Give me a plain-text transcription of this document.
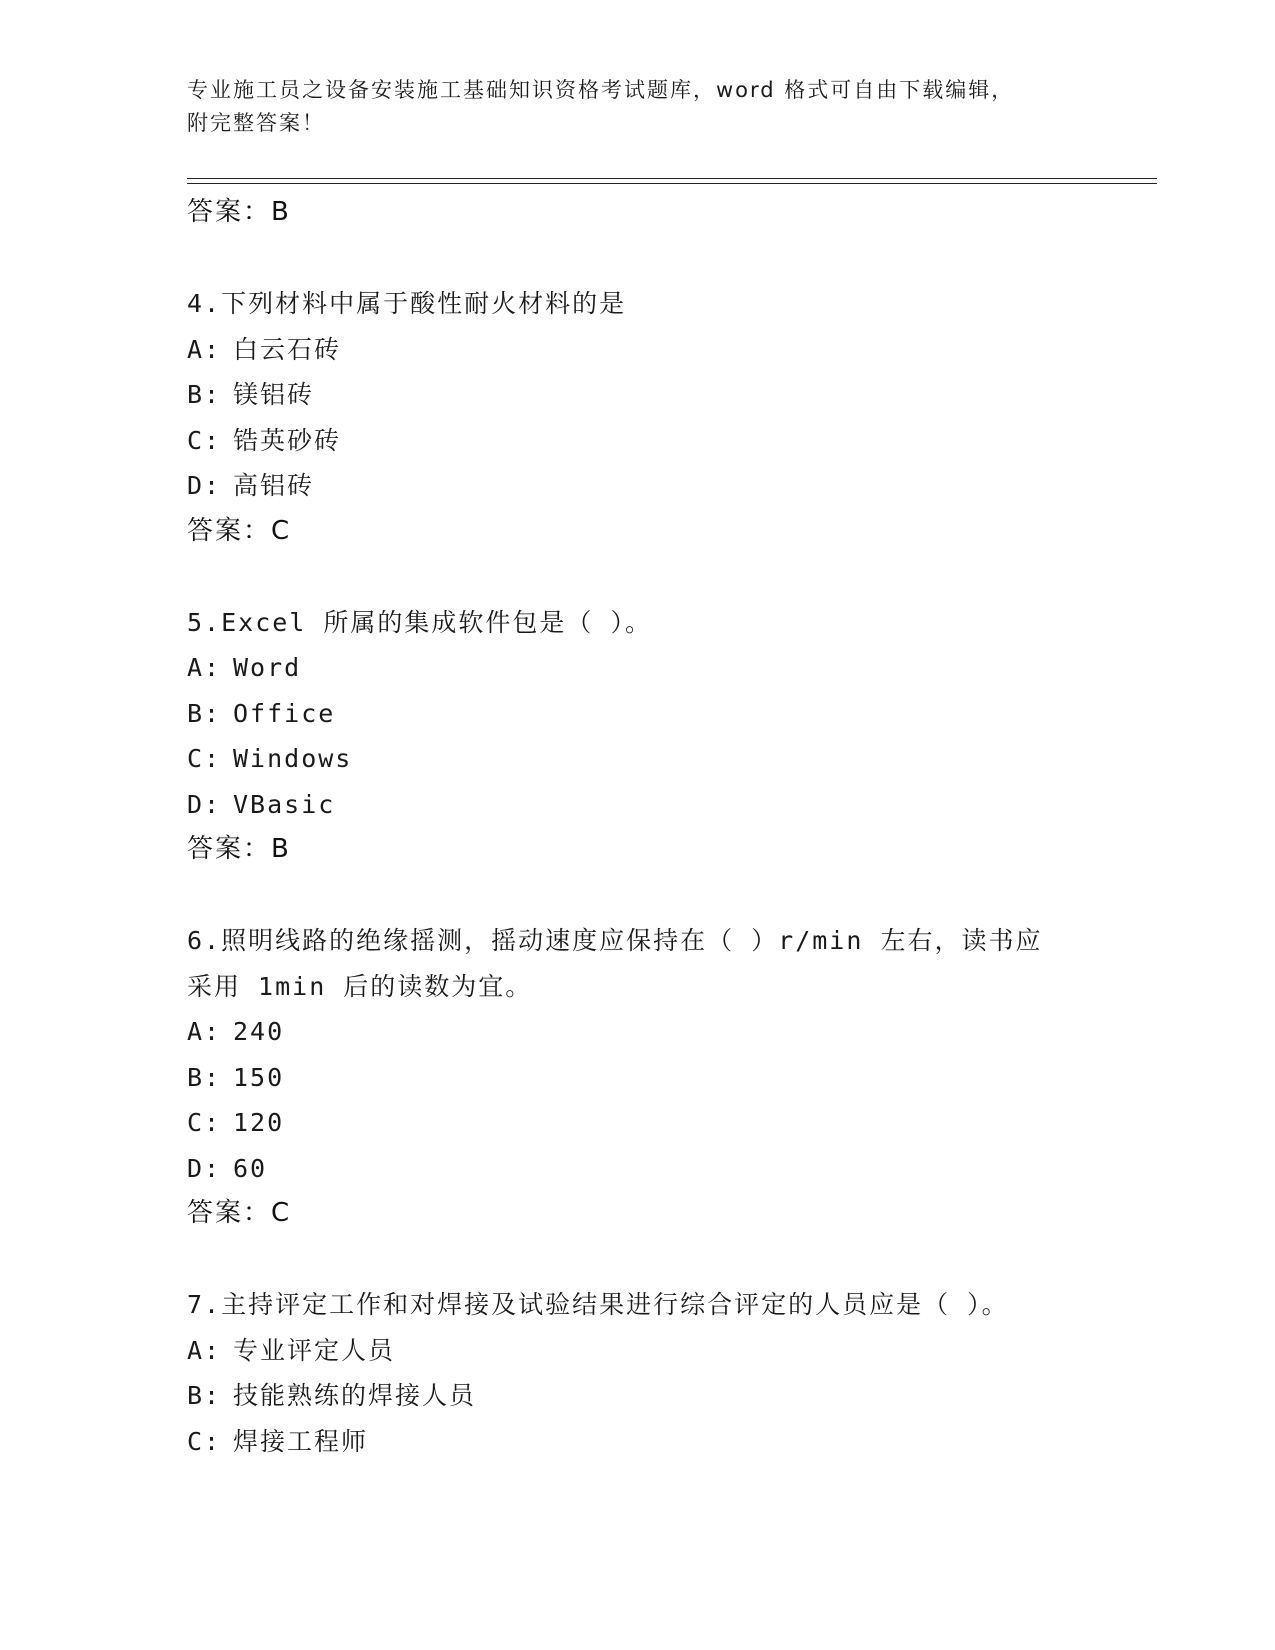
专业施工员之设备安装施工基础知识资格考试题库，word 格式可自由下载编辑，
附完整答案！
答案：B
4.下列材料中属于酸性耐火材料的是
A: 白云石砖
B: 镁铝砖
C: 锆英砂砖
D: 高铝砖
答案：C
5.Excel 所属的集成软件包是（ ）。
A: Word
B: Office
C: Windows
D: VBasic
答案：B
6.照明线路的绝缘摇测，摇动速度应保持在（ ）r/min 左右，读书应
采用 1min 后的读数为宜。
A: 240
B: 150
C: 120
D: 60
答案：C
7.主持评定工作和对焊接及试验结果进行综合评定的人员应是（ ）。
A: 专业评定人员
B: 技能熟练的焊接人员
C: 焊接工程师
